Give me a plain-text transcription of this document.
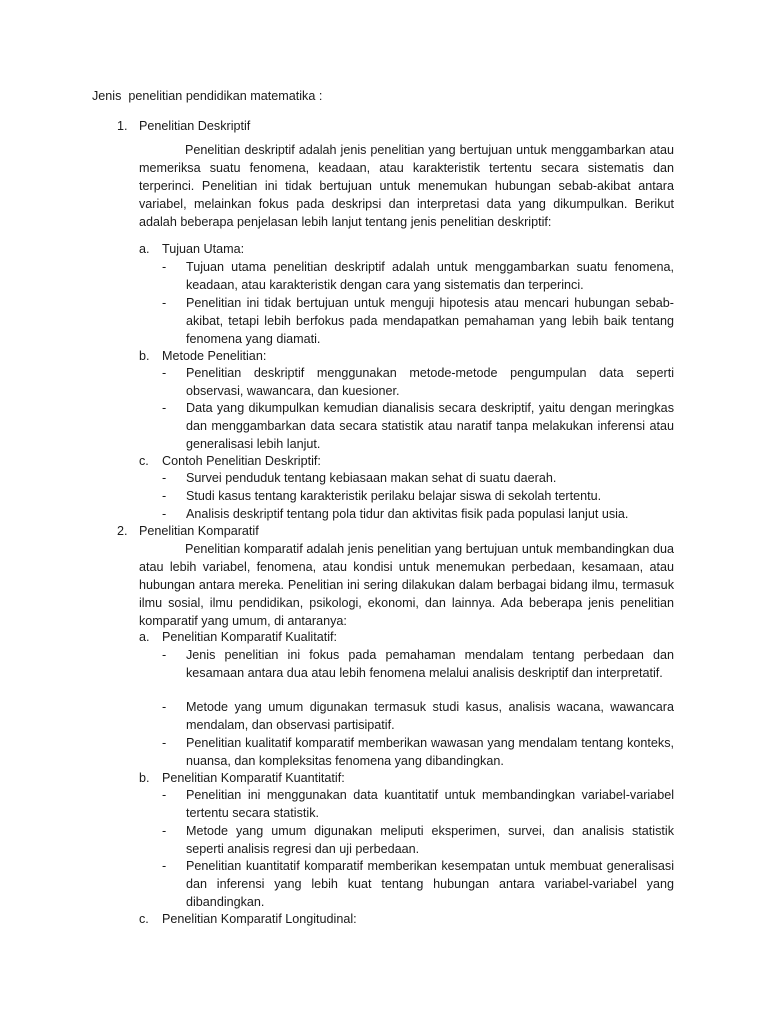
Jenis  penelitian pendidikan matematika :
1. Penelitian Deskriptif
Penelitian deskriptif adalah jenis penelitian yang bertujuan untuk menggambarkan atau memeriksa suatu fenomena, keadaan, atau karakteristik tertentu secara sistematis dan terperinci. Penelitian ini tidak bertujuan untuk menemukan hubungan sebab-akibat antara variabel, melainkan fokus pada deskripsi dan interpretasi data yang dikumpulkan. Berikut adalah beberapa penjelasan lebih lanjut tentang jenis penelitian deskriptif:
a. Tujuan Utama:
- Tujuan utama penelitian deskriptif adalah untuk menggambarkan suatu fenomena, keadaan, atau karakteristik dengan cara yang sistematis dan terperinci.
- Penelitian ini tidak bertujuan untuk menguji hipotesis atau mencari hubungan sebab-akibat, tetapi lebih berfokus pada mendapatkan pemahaman yang lebih baik tentang fenomena yang diamati.
b. Metode Penelitian:
- Penelitian deskriptif menggunakan metode-metode pengumpulan data seperti observasi, wawancara, dan kuesioner.
- Data yang dikumpulkan kemudian dianalisis secara deskriptif, yaitu dengan meringkas dan menggambarkan data secara statistik atau naratif tanpa melakukan inferensi atau generalisasi lebih lanjut.
c. Contoh Penelitian Deskriptif:
- Survei penduduk tentang kebiasaan makan sehat di suatu daerah.
- Studi kasus tentang karakteristik perilaku belajar siswa di sekolah tertentu.
- Analisis deskriptif tentang pola tidur dan aktivitas fisik pada populasi lanjut usia.
2. Penelitian Komparatif
Penelitian komparatif adalah jenis penelitian yang bertujuan untuk membandingkan dua atau lebih variabel, fenomena, atau kondisi untuk menemukan perbedaan, kesamaan, atau hubungan antara mereka. Penelitian ini sering dilakukan dalam berbagai bidang ilmu, termasuk ilmu sosial, ilmu pendidikan, psikologi, ekonomi, dan lainnya. Ada beberapa jenis penelitian komparatif yang umum, di antaranya:
a. Penelitian Komparatif Kualitatif:
- Jenis penelitian ini fokus pada pemahaman mendalam tentang perbedaan dan kesamaan antara dua atau lebih fenomena melalui analisis deskriptif dan interpretatif.
- Metode yang umum digunakan termasuk studi kasus, analisis wacana, wawancara mendalam, dan observasi partisipatif.
- Penelitian kualitatif komparatif memberikan wawasan yang mendalam tentang konteks, nuansa, dan kompleksitas fenomena yang dibandingkan.
b. Penelitian Komparatif Kuantitatif:
- Penelitian ini menggunakan data kuantitatif untuk membandingkan variabel-variabel tertentu secara statistik.
- Metode yang umum digunakan meliputi eksperimen, survei, dan analisis statistik seperti analisis regresi dan uji perbedaan.
- Penelitian kuantitatif komparatif memberikan kesempatan untuk membuat generalisasi dan inferensi yang lebih kuat tentang hubungan antara variabel-variabel yang dibandingkan.
c. Penelitian Komparatif Longitudinal:
